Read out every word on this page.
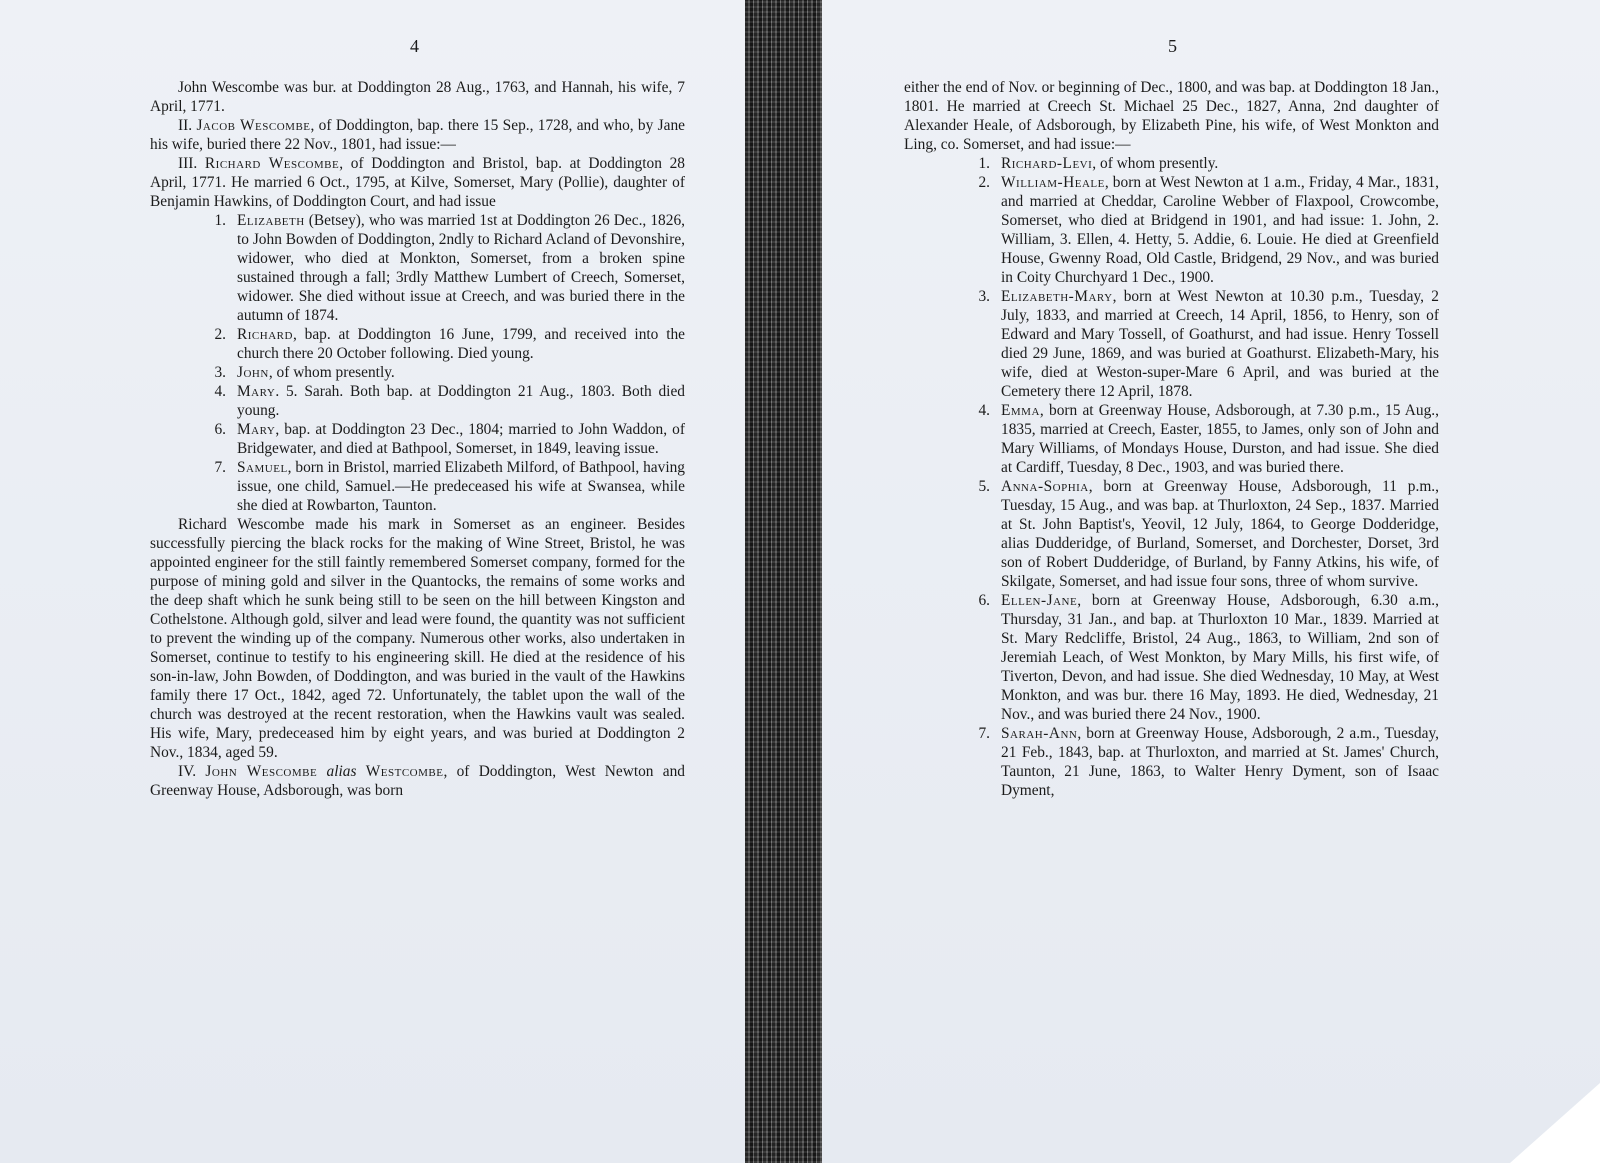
4

John Wescombe was bur. at Doddington 28 Aug., 1763, and Hannah, his wife, 7 April, 1771.

II. Jacob Wescombe, of Doddington, bap. there 15 Sep., 1728, and who, by Jane his wife, buried there 22 Nov., 1801, had issue:—

III. Richard Wescombe, of Doddington and Bristol, bap. at Doddington 28 April, 1771. He married 6 Oct., 1795, at Kilve, Somerset, Mary (Pollie), daughter of Benjamin Hawkins, of Doddington Court, and had issue

1. Elizabeth (Betsey), who was married 1st at Doddington 26 Dec., 1826, to John Bowden of Doddington, 2ndly to Richard Acland of Devonshire, widower, who died at Monkton, Somerset, from a broken spine sustained through a fall; 3rdly Matthew Lumbert of Creech, Somerset, widower. She died without issue at Creech, and was buried there in the autumn of 1874.
2. Richard, bap. at Doddington 16 June, 1799, and received into the church there 20 October following. Died young.
3. John, of whom presently.
4. Mary. 5. Sarah. Both bap. at Doddington 21 Aug., 1803. Both died young.
6. Mary, bap. at Doddington 23 Dec., 1804; married to John Waddon, of Bridgewater, and died at Bathpool, Somerset, in 1849, leaving issue.
7. Samuel, born in Bristol, married Elizabeth Milford, of Bathpool, having issue, one child, Samuel.—He predeceased his wife at Swansea, while she died at Rowbarton, Taunton.

Richard Wescombe made his mark in Somerset as an engineer. Besides successfully piercing the black rocks for the making of Wine Street, Bristol, he was appointed engineer for the still faintly remembered Somerset company, formed for the purpose of mining gold and silver in the Quantocks, the remains of some works and the deep shaft which he sunk being still to be seen on the hill between Kingston and Cothelstone. Although gold, silver and lead were found, the quantity was not sufficient to prevent the winding up of the company. Numerous other works, also undertaken in Somerset, continue to testify to his engineering skill. He died at the residence of his son-in-law, John Bowden, of Doddington, and was buried in the vault of the Hawkins family there 17 Oct., 1842, aged 72. Unfortunately, the tablet upon the wall of the church was destroyed at the recent restoration, when the Hawkins vault was sealed. His wife, Mary, predeceased him by eight years, and was buried at Doddington 2 Nov., 1834, aged 59.

IV. John Wescombe alias Westcombe, of Doddington, West Newton and Greenway House, Adsborough, was born

5

either the end of Nov. or beginning of Dec., 1800, and was bap. at Doddington 18 Jan., 1801. He married at Creech St. Michael 25 Dec., 1827, Anna, 2nd daughter of Alexander Heale, of Adsborough, by Elizabeth Pine, his wife, of West Monkton and Ling, co. Somerset, and had issue:—

1. Richard-Levi, of whom presently.
2. William-Heale, born at West Newton at 1 a.m., Friday, 4 Mar., 1831, and married at Cheddar, Caroline Webber of Flaxpool, Crowcombe, Somerset, who died at Bridgend in 1901, and had issue: 1. John, 2. William, 3. Ellen, 4. Hetty, 5. Addie, 6. Louie. He died at Greenfield House, Gwenny Road, Old Castle, Bridgend, 29 Nov., and was buried in Coity Churchyard 1 Dec., 1900.
3. Elizabeth-Mary, born at West Newton at 10.30 p.m., Tuesday, 2 July, 1833, and married at Creech, 14 April, 1856, to Henry, son of Edward and Mary Tossell, of Goathurst, and had issue. Henry Tossell died 29 June, 1869, and was buried at Goathurst. Elizabeth-Mary, his wife, died at Weston-super-Mare 6 April, and was buried at the Cemetery there 12 April, 1878.
4. Emma, born at Greenway House, Adsborough, at 7.30 p.m., 15 Aug., 1835, married at Creech, Easter, 1855, to James, only son of John and Mary Williams, of Mondays House, Durston, and had issue. She died at Cardiff, Tuesday, 8 Dec., 1903, and was buried there.
5. Anna-Sophia, born at Greenway House, Adsborough, 11 p.m., Tuesday, 15 Aug., and was bap. at Thurloxton, 24 Sep., 1837. Married at St. John Baptist's, Yeovil, 12 July, 1864, to George Dodderidge, alias Dudderidge, of Burland, Somerset, and Dorchester, Dorset, 3rd son of Robert Dudderidge, of Burland, by Fanny Atkins, his wife, of Skilgate, Somerset, and had issue four sons, three of whom survive.
6. Ellen-Jane, born at Greenway House, Adsborough, 6.30 a.m., Thursday, 31 Jan., and bap. at Thurloxton 10 Mar., 1839. Married at St. Mary Redcliffe, Bristol, 24 Aug., 1863, to William, 2nd son of Jeremiah Leach, of West Monkton, by Mary Mills, his first wife, of Tiverton, Devon, and had issue. She died Wednesday, 10 May, at West Monkton, and was bur. there 16 May, 1893. He died, Wednesday, 21 Nov., and was buried there 24 Nov., 1900.
7. Sarah-Ann, born at Greenway House, Adsborough, 2 a.m., Tuesday, 21 Feb., 1843, bap. at Thurloxton, and married at St. James' Church, Taunton, 21 June, 1863, to Walter Henry Dyment, son of Isaac Dyment,
